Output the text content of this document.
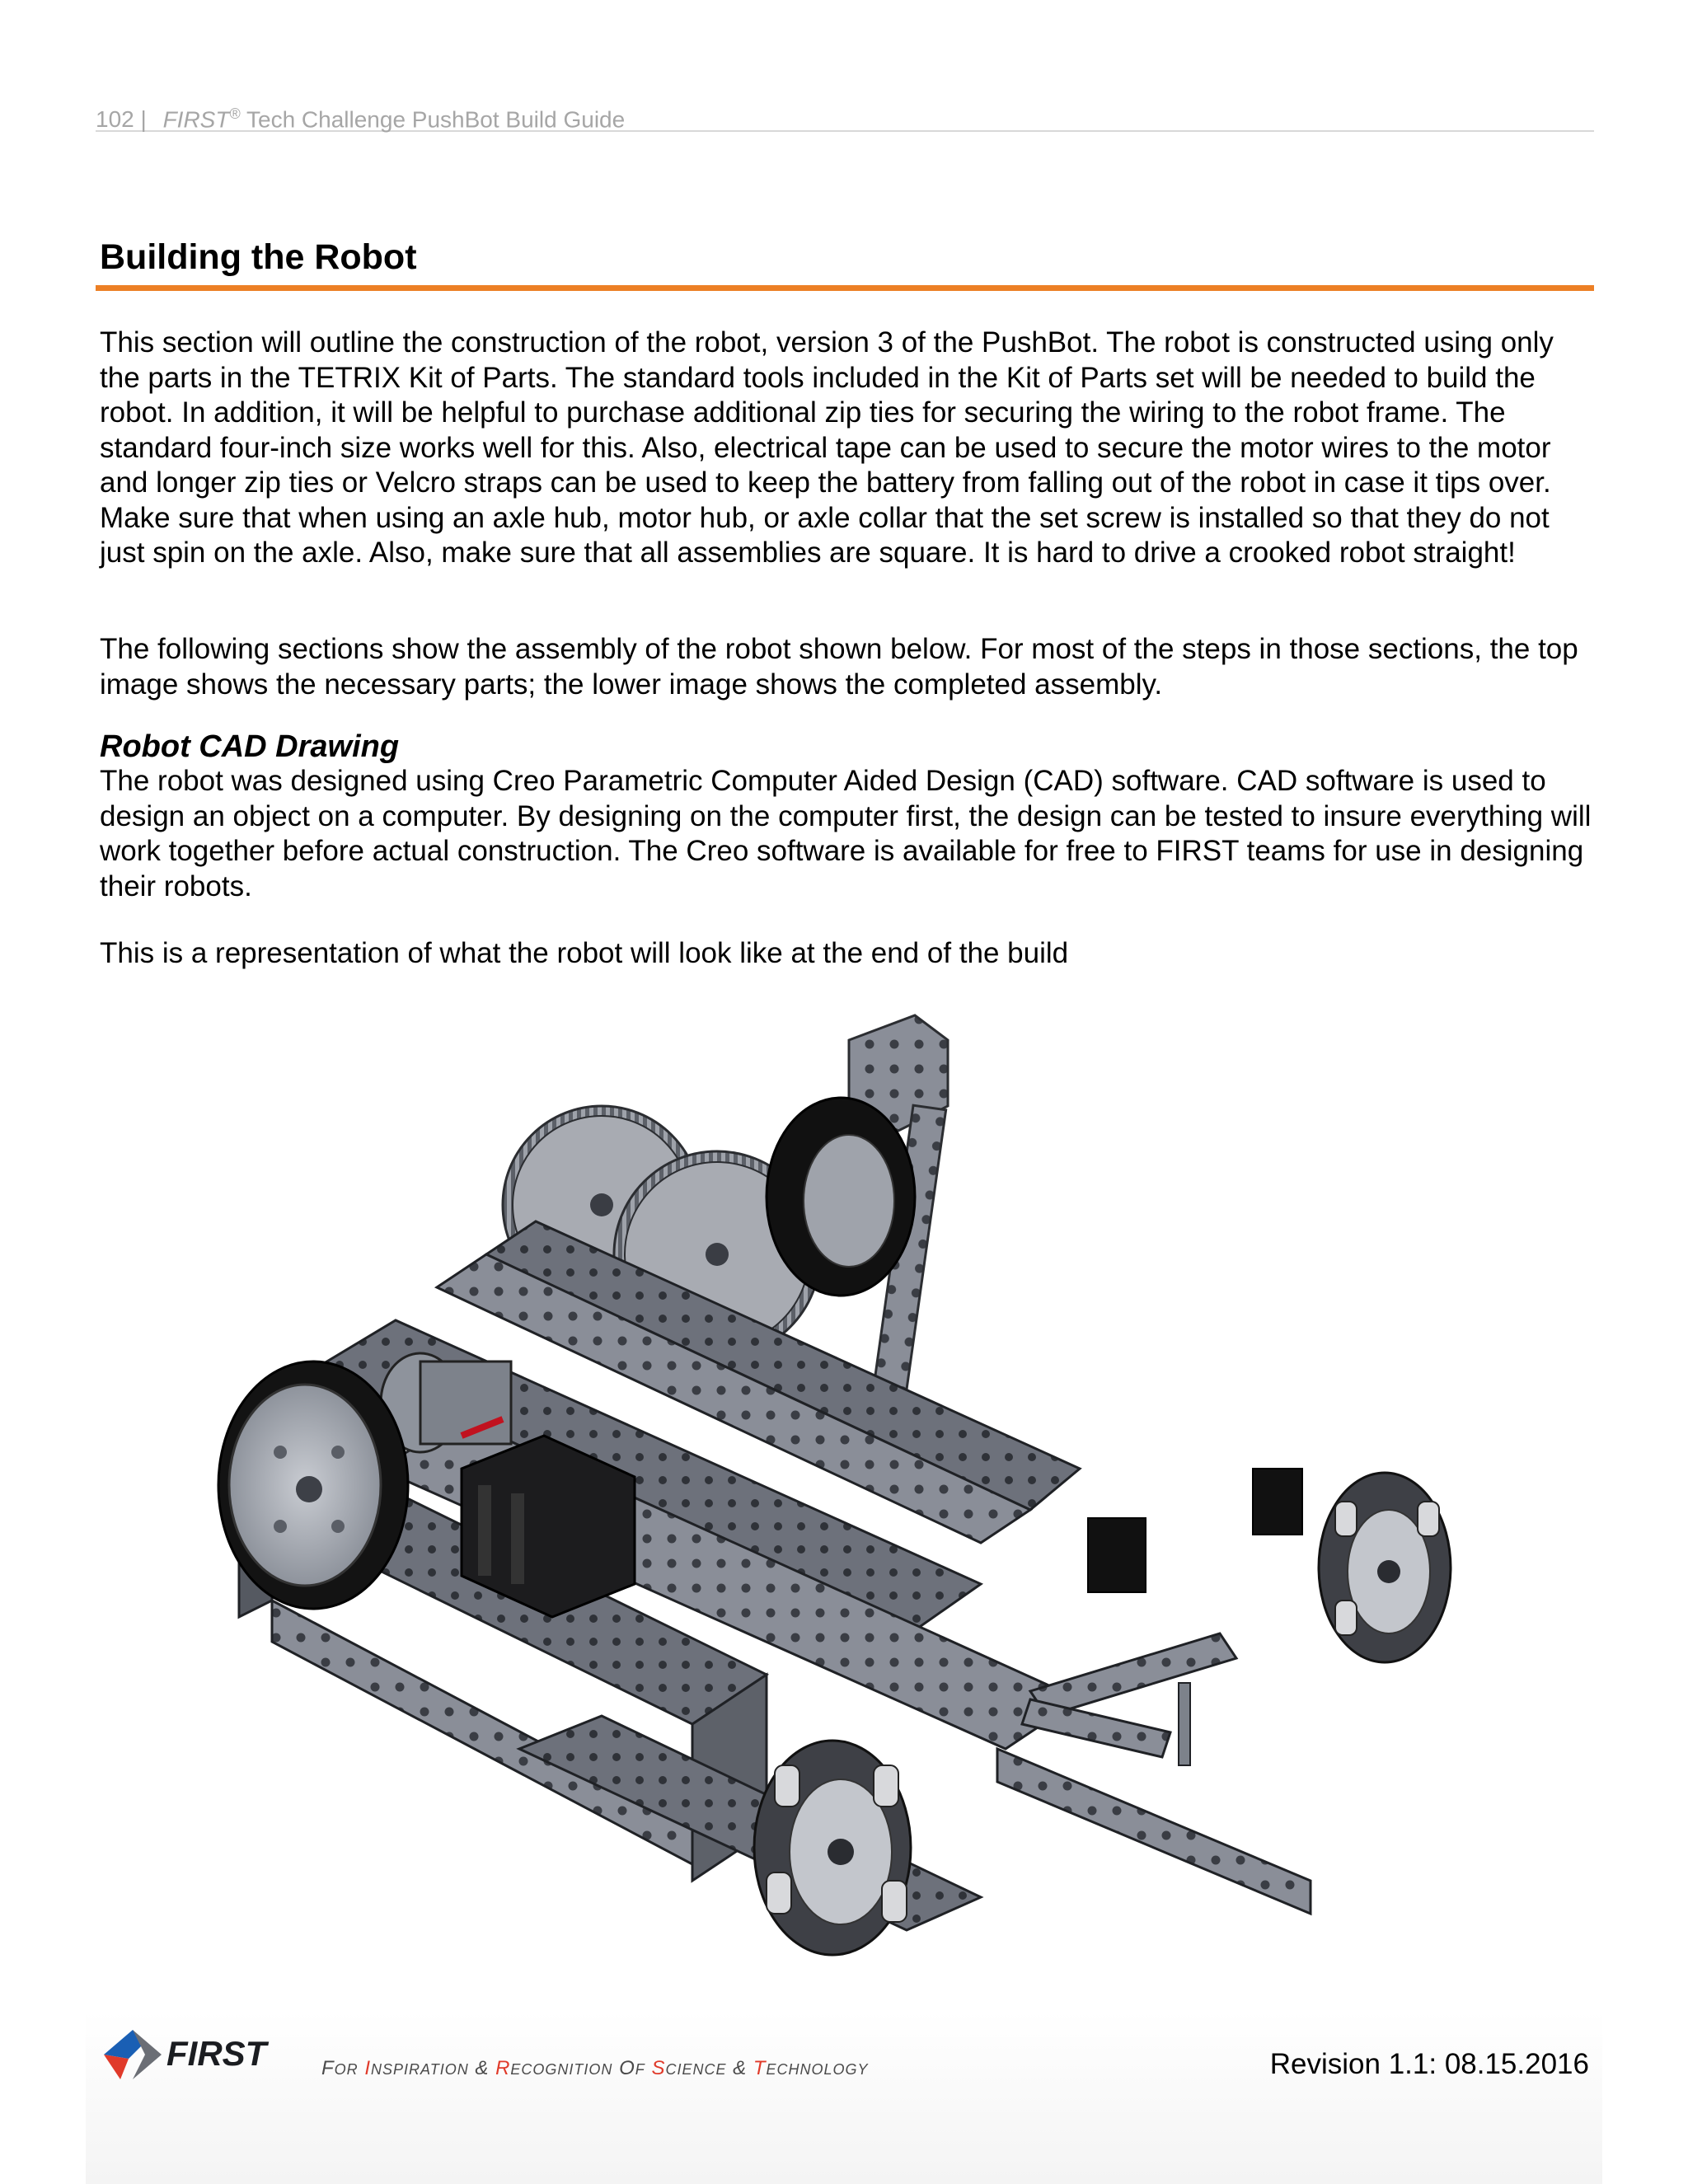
102 | FIRST® Tech Challenge PushBot Build Guide
Building the Robot

This section will outline the construction of the robot, version 3 of the PushBot. The robot is constructed using only the parts in the TETRIX Kit of Parts. The standard tools included in the Kit of Parts set will be needed to build the robot. In addition, it will be helpful to purchase additional zip ties for securing the wiring to the robot frame. The standard four-inch size works well for this. Also, electrical tape can be used to secure the motor wires to the motor and longer zip ties or Velcro straps can be used to keep the battery from falling out of the robot in case it tips over. Make sure that when using an axle hub, motor hub, or axle collar that the set screw is installed so that they do not just spin on the axle. Also, make sure that all assemblies are square. It is hard to drive a crooked robot straight!

The following sections show the assembly of the robot shown below. For most of the steps in those sections, the top image shows the necessary parts; the lower image shows the completed assembly.

Robot CAD Drawing

The robot was designed using Creo Parametric Computer Aided Design (CAD) software. CAD software is used to design an object on a computer. By designing on the computer first, the design can be tested to insure everything will work together before actual construction. The Creo software is available for free to FIRST teams for use in designing their robots.

This is a representation of what the robot will look like at the end of the build

FIRST	FOR INSPIRATION & RECOGNITION OF SCIENCE & TECHNOLOGY	Revision 1.1: 08.15.2016
